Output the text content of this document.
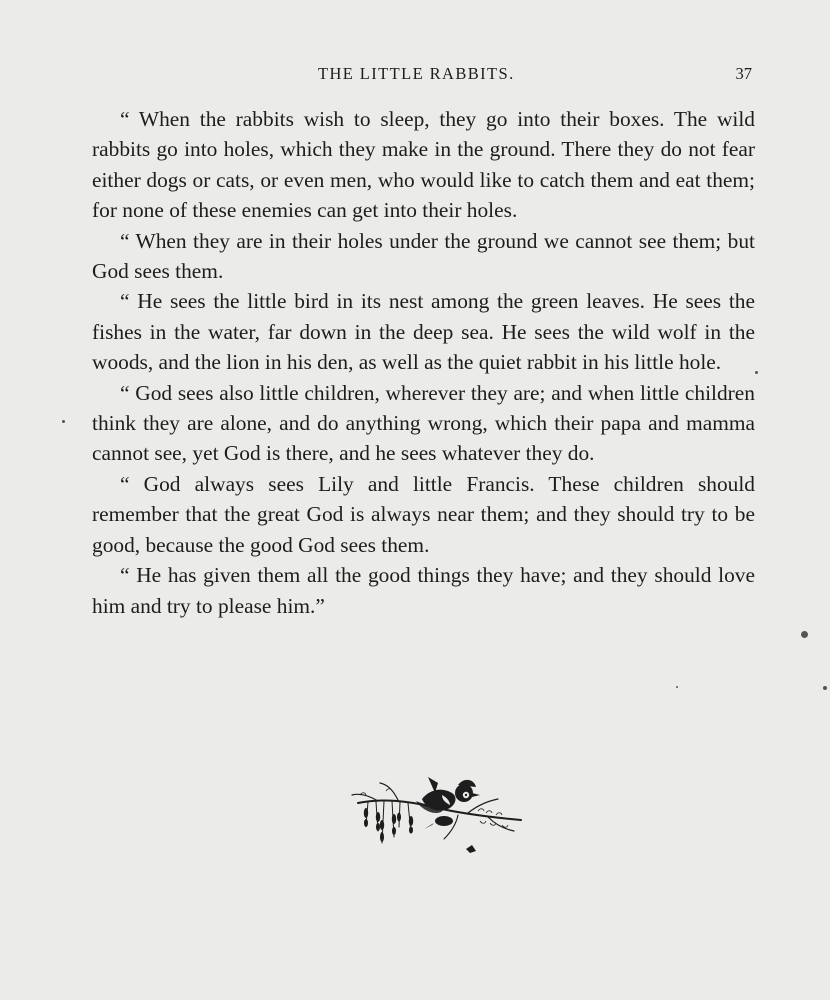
THE LITTLE RABBITS.	37

“ When the rabbits wish to sleep, they go into their boxes. The wild rabbits go into holes, which they make in the ground. There they do not fear either dogs or cats, or even men, who would like to catch them and eat them; for none of these enemies can get into their holes.

“ When they are in their holes under the ground we cannot see them; but God sees them.

“ He sees the little bird in its nest among the green leaves. He sees the fishes in the water, far down in the deep sea. He sees the wild wolf in the woods, and the lion in his den, as well as the quiet rabbit in his little hole.

“ God sees also little children, wherever they are; and when little children think they are alone, and do anything wrong, which their papa and mamma cannot see, yet God is there, and he sees whatever they do.

“ God always sees Lily and little Francis. These children should remember that the great God is always near them; and they should try to be good, because the good God sees them.

“ He has given them all the good things they have; and they should love him and try to please him.”
